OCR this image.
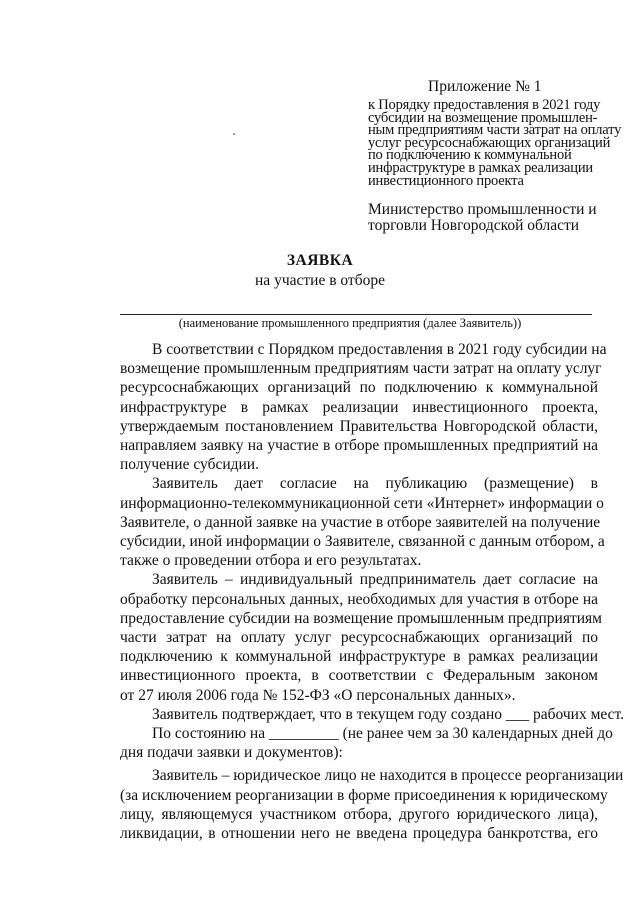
Приложение № 1
к Порядку предоставления в 2021 году
субсидии на возмещение промышлен-
ным предприятиям части затрат на оплату
услуг ресурсоснабжающих организаций
по подключению к коммунальной
инфраструктуре в рамках реализации
инвестиционного проекта
Министерство промышленности и
торговли Новгородской области
ЗАЯВКА
на участие в отборе
(наименование промышленного предприятия (далее Заявитель))

В соответствии с Порядком предоставления в 2021 году субсидии на
возмещение промышленным предприятиям части затрат на оплату услуг
ресурсоснабжающих организаций по подключению к коммунальной
инфраструктуре в рамках реализации инвестиционного проекта,
утверждаемым постановлением Правительства Новгородской области,
направляем заявку на участие в отборе промышленных предприятий на
получение субсидии.

Заявитель дает согласие на публикацию (размещение) в
информационно-телекоммуникационной сети «Интернет» информации о
Заявителе, о данной заявке на участие в отборе заявителей на получение
субсидии, иной информации о Заявителе, связанной с данным отбором, а
также о проведении отбора и его результатах.

Заявитель – индивидуальный предприниматель дает согласие на
обработку персональных данных, необходимых для участия в отборе на
предоставление субсидии на возмещение промышленным предприятиям
части затрат на оплату услуг ресурсоснабжающих организаций по
подключению к коммунальной инфраструктуре в рамках реализации
инвестиционного проекта, в соответствии с Федеральным законом
от 27 июля 2006 года № 152-ФЗ «О персональных данных».

Заявитель подтверждает, что в текущем году создано ___ рабочих мест.

По состоянию на _________ (не ранее чем за 30 календарных дней до
дня подачи заявки и документов):

Заявитель – юридическое лицо не находится в процессе реорганизации
(за исключением реорганизации в форме присоединения к юридическому
лицу, являющемуся участником отбора, другого юридического лица),
ликвидации, в отношении него не введена процедура банкротства, его
